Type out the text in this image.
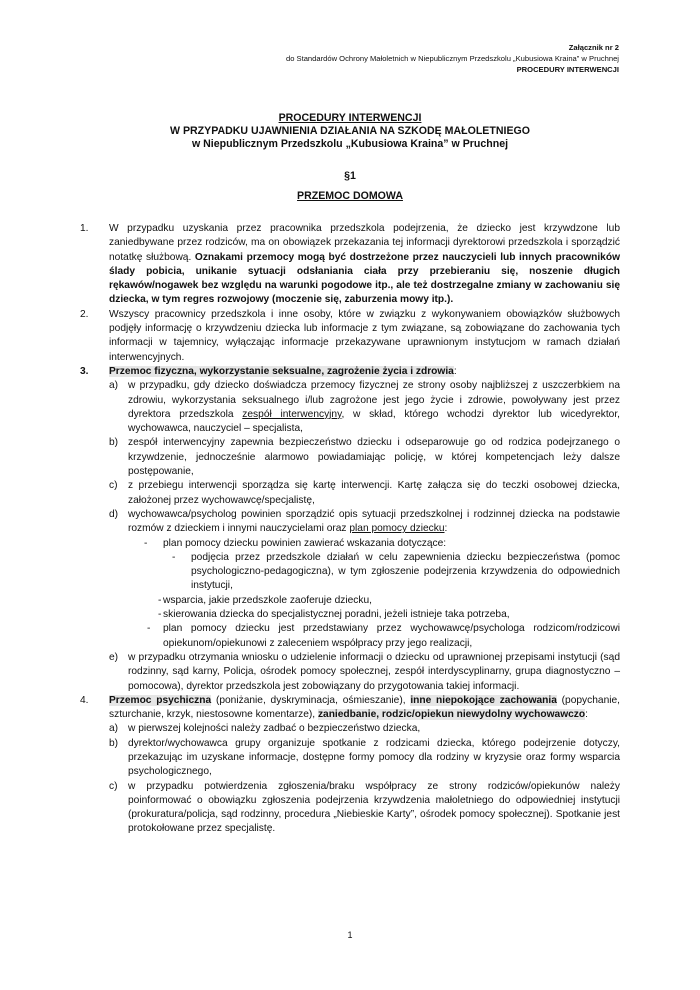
Załącznik nr 2
do Standardów Ochrony Małoletnich w Niepublicznym Przedszkolu „Kubusiowa Kraina” w Pruchnej
PROCEDURY INTERWENCJI
PROCEDURY INTERWENCJI
W PRZYPADKU UJAWNIENIA DZIAŁANIA NA SZKODĘ MAŁOLETNIEGO
w Niepublicznym Przedszkolu „Kubusiowa Kraina” w Pruchnej
§1
PRZEMOC DOMOWA
1. W przypadku uzyskania przez pracownika przedszkola podejrzenia, że dziecko jest krzywdzone lub zaniedbywane przez rodziców, ma on obowiązek przekazania tej informacji dyrektorowi przedszkola i sporządzić notatkę służbową. Oznakami przemocy mogą być dostrzeżone przez nauczycieli lub innych pracowników ślady pobicia, unikanie sytuacji odsłaniania ciała przy przebieraniu się, noszenie długich rękawów/nogawek bez względu na warunki pogodowe itp., ale też dostrzegalne zmiany w zachowaniu się dziecka, w tym regres rozwojowy (moczenie się, zaburzenia mowy itp.).
2. Wszyscy pracownicy przedszkola i inne osoby, które w związku z wykonywaniem obowiązków służbowych podjęły informację o krzywdzeniu dziecka lub informacje z tym związane, są zobowiązane do zachowania tych informacji w tajemnicy, wyłączając informacje przekazywane uprawnionym instytucjom w ramach działań interwencyjnych.
3. Przemoc fizyczna, wykorzystanie seksualne, zagrożenie życia i zdrowia:
a) w przypadku, gdy dziecko doświadcza przemocy fizycznej ze strony osoby najbliższej z uszczerbkiem na zdrowiu, wykorzystania seksualnego i/lub zagrożone jest jego życie i zdrowie, powoływany jest przez dyrektora przedszkola zespół interwencyjny, w skład, którego wchodzi dyrektor lub wicedyrektor, wychowawca, nauczyciel – specjalista,
b) zespół interwencyjny zapewnia bezpieczeństwo dziecku i odseparowuje go od rodzica podejrzanego o krzywdzenie, jednocześnie alarmowo powiadamiając policję, w której kompetencjach leży dalsze postępowanie,
c) z przebiegu interwencji sporządza się kartę interwencji. Kartę załącza się do teczki osobowej dziecka, założonej przez wychowawcę/specjalistę,
d) wychowawca/psycholog powinien sporządzić opis sytuacji przedszkolnej i rodzinnej dziecka na podstawie rozmów z dzieckiem i innymi nauczycielami oraz plan pomocy dziecku:
- plan pomocy dziecku powinien zawierać wskazania dotyczące:
- podjęcia przez przedszkole działań w celu zapewnienia dziecku bezpieczeństwa (pomoc psychologiczno-pedagogiczna), w tym zgłoszenie podejrzenia krzywdzenia do odpowiednich instytucji,
- wsparcia, jakie przedszkole zaoferuje dziecku,
- skierowania dziecka do specjalistycznej poradni, jeżeli istnieje taka potrzeba,
- plan pomocy dziecku jest przedstawiany przez wychowawcę/psychologa rodzicom/rodzicowi opiekunom/opiekunowi z zaleceniem współpracy przy jego realizacji,
e) w przypadku otrzymania wniosku o udzielenie informacji o dziecku od uprawnionej przepisami instytucji (sąd rodzinny, sąd karny, Policja, ośrodek pomocy społecznej, zespół interdyscyplinarny, grupa diagnostyczno – pomocowa), dyrektor przedszkola jest zobowiązany do przygotowania takiej informacji.
4. Przemoc psychiczna (poniżanie, dyskryminacja, ośmieszanie), inne niepokojące zachowania (popychanie, szturchanie, krzyk, niestosowne komentarze), zaniedbanie, rodzic/opiekun niewydolny wychowawczo:
a) w pierwszej kolejności należy zadbać o bezpieczeństwo dziecka,
b) dyrektor/wychowawca grupy organizuje spotkanie z rodzicami dziecka, którego podejrzenie dotyczy, przekazując im uzyskane informacje, dostępne formy pomocy dla rodziny w kryzysie oraz formy wsparcia psychologicznego,
c) w przypadku potwierdzenia zgłoszenia/braku współpracy ze strony rodziców/opiekunów należy poinformować o obowiązku zgłoszenia podejrzenia krzywdzenia małoletniego do odpowiedniej instytucji (prokuratura/policja, sąd rodzinny, procedura „Niebieskie Karty”, ośrodek pomocy społecznej). Spotkanie jest protokołowane przez specjalistę.
1
